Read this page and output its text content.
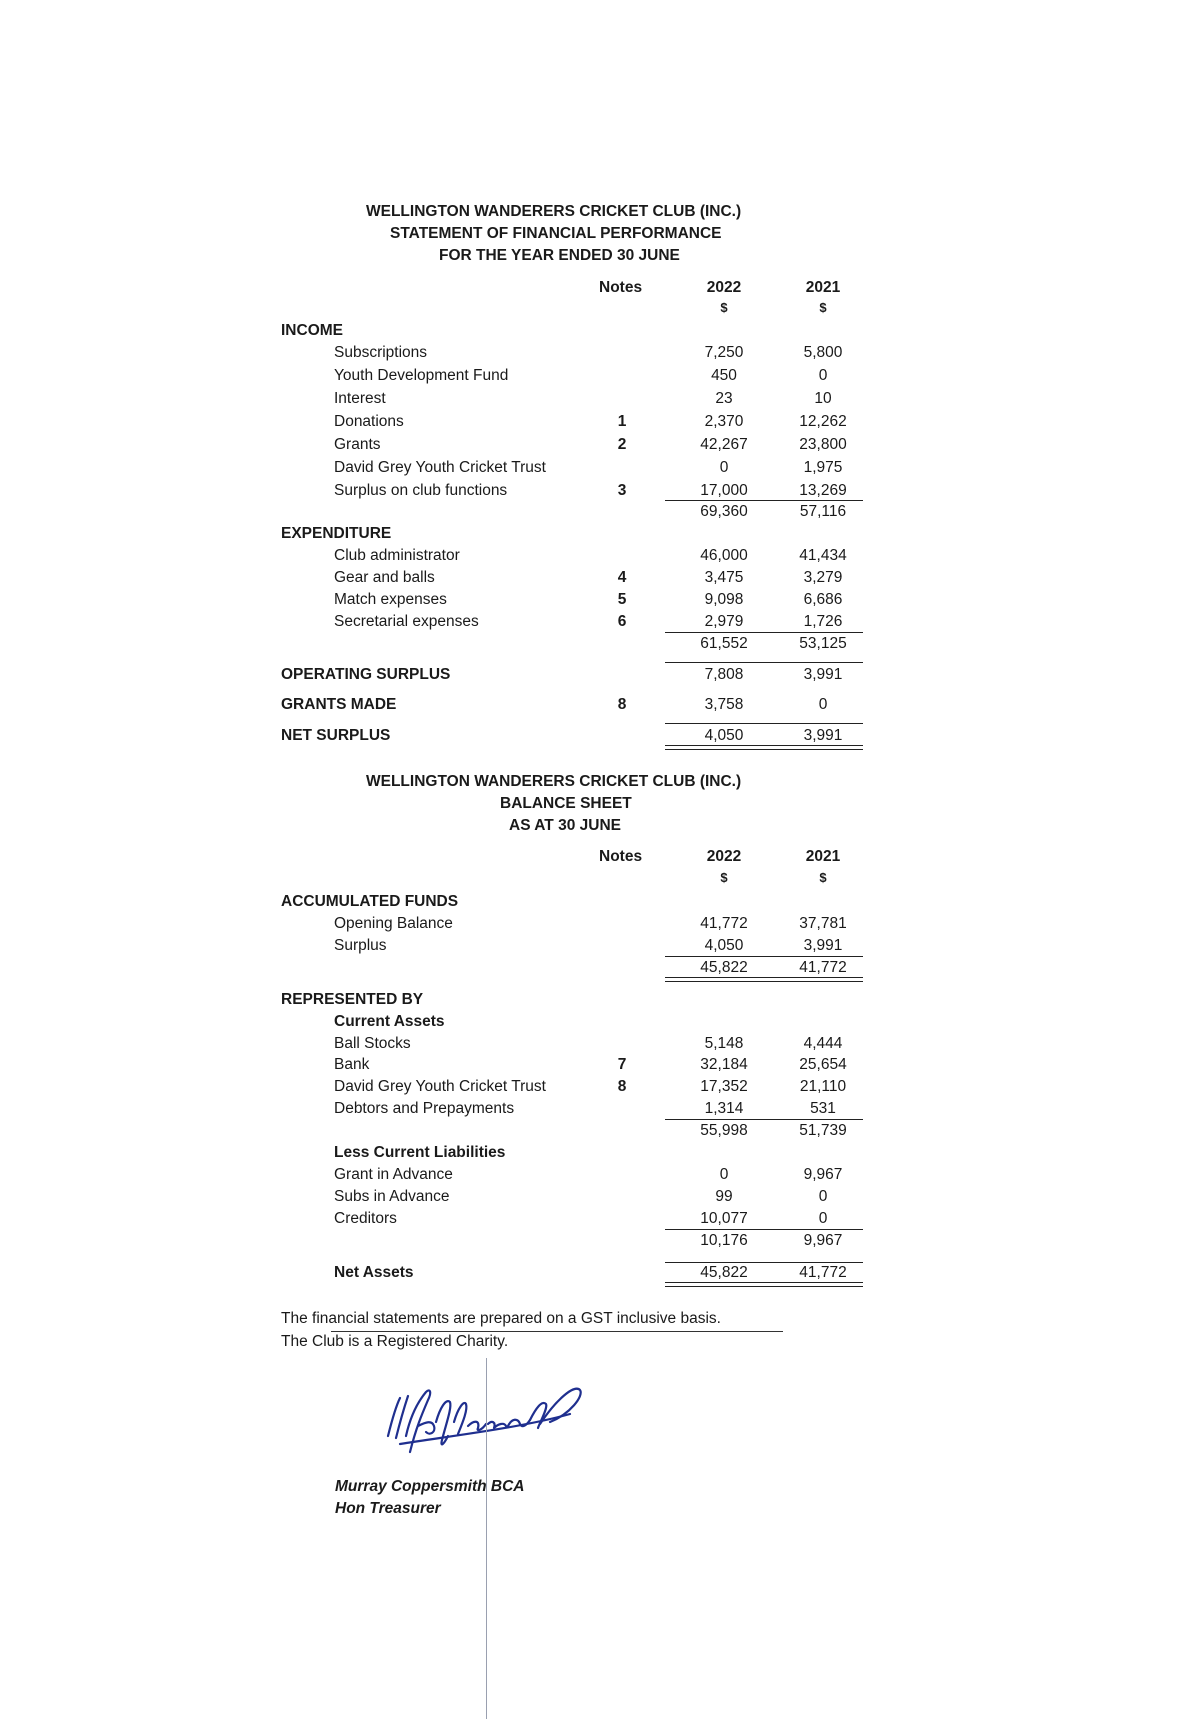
WELLINGTON WANDERERS CRICKET CLUB (INC.)
STATEMENT OF FINANCIAL PERFORMANCE
FOR THE YEAR ENDED 30 JUNE
Notes	2022	2021
$	$
INCOME
Subscriptions	7,250	5,800
Youth Development Fund	450	0
Interest	23	10
Donations	1	2,370	12,262
Grants	2	42,267	23,800
David Grey Youth Cricket Trust	0	1,975
Surplus on club functions	3	17,000	13,269
69,360	57,116
EXPENDITURE
Club administrator	46,000	41,434
Gear and balls	4	3,475	3,279
Match expenses	5	9,098	6,686
Secretarial expenses	6	2,979	1,726
61,552	53,125
OPERATING SURPLUS	7,808	3,991
GRANTS MADE	8	3,758	0
NET SURPLUS	4,050	3,991
WELLINGTON WANDERERS CRICKET CLUB (INC.)
BALANCE SHEET
AS AT 30 JUNE
Notes	2022	2021
$	$
ACCUMULATED FUNDS
Opening Balance	41,772	37,781
Surplus	4,050	3,991
45,822	41,772
REPRESENTED BY
Current Assets
Ball Stocks	5,148	4,444
Bank	7	32,184	25,654
David Grey Youth Cricket Trust	8	17,352	21,110
Debtors and Prepayments	1,314	531
55,998	51,739
Less Current Liabilities
Grant in Advance	0	9,967
Subs in Advance	99	0
Creditors	10,077	0
10,176	9,967
Net Assets	45,822	41,772
The financial statements are prepared on a GST inclusive basis.
The Club is a Registered Charity.
Murray Coppersmith BCA
Hon Treasurer
